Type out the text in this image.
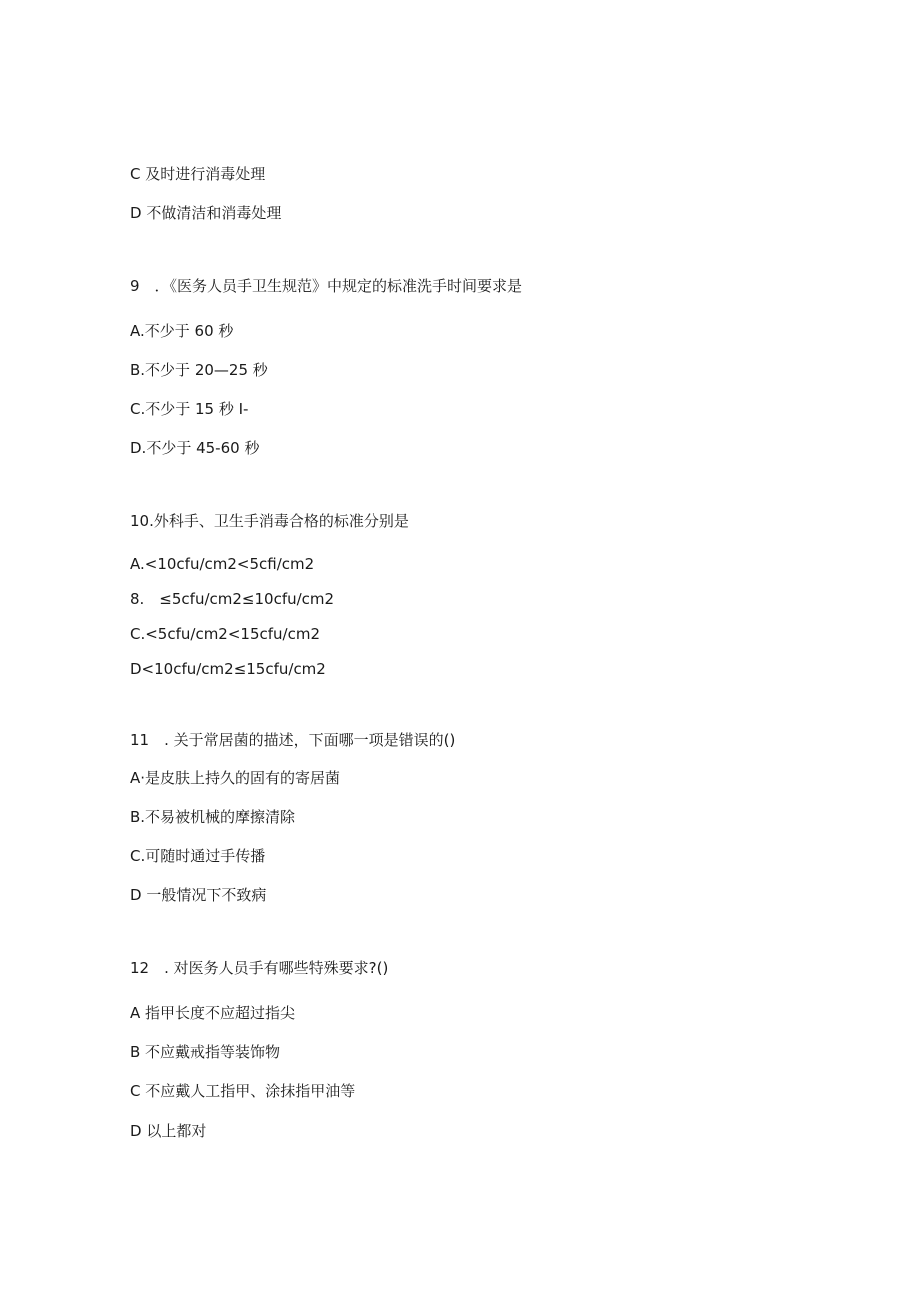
C 及时进行消毒处理
D 不做清洁和消毒处理
9　．《医务人员手卫生规范》中规定的标准洗手时间要求是
A.不少于 60 秒
B.不少于 20—25 秒
C.不少于 15 秒 I-
D.不少于 45-60 秒
10.外科手、卫生手消毒合格的标准分别是
A.<10cfu∕cm2<5cfi∕cm2
8.　≤5cfu∕cm2≤10cfu∕cm2
C.<5cfu∕cm2<15cfu∕cm2
D<10cfu∕cm2≤15cfu∕cm2
11　. 关于常居菌的描述，下面哪一项是错误的()
A·是皮肤上持久的固有的寄居菌
B.不易被机械的摩擦清除
C.可随时通过手传播
D 一般情况下不致病
12　. 对医务人员手有哪些特殊要求?()
A 指甲长度不应超过指尖
B 不应戴戒指等装饰物
C 不应戴人工指甲、涂抹指甲油等
D 以上都对
